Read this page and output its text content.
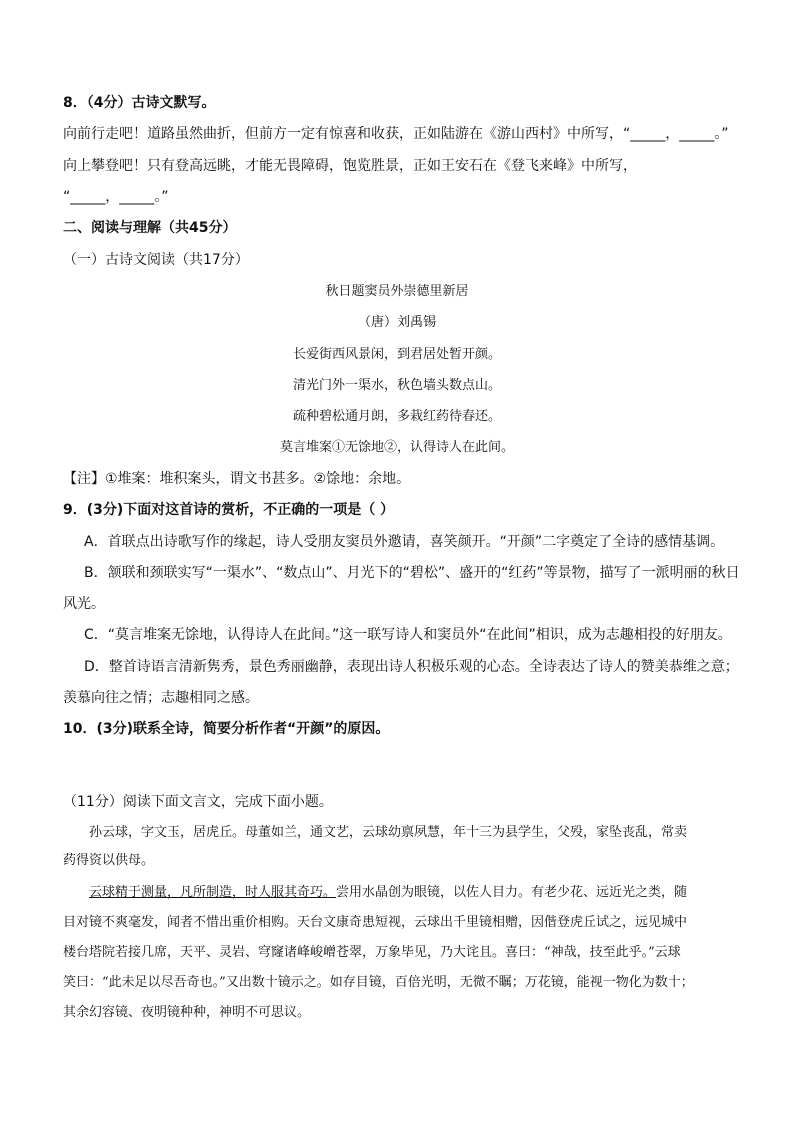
8．（4分）古诗文默写。
向前行走吧！道路虽然曲折，但前方一定有惊喜和收获，正如陆游在《游山西村》中所写，“_____，_____。”
向上攀登吧！只有登高远眺，才能无畏障碍，饱览胜景，正如王安石在《登飞来峰》中所写，
“_____，_____。”
二、阅读与理解（共45分）
（一）古诗文阅读（共17分）
秋日题窦员外崇德里新居
（唐）刘禹锡
长爱街西风景闲，到君居处暂开颜。
清光门外一渠水，秋色墙头数点山。
疏种碧松通月朗，多栽红药待春还。
莫言堆案①无馀地②，认得诗人在此间。
【注】①堆案：堆积案头，谓文书甚多。②馀地：余地。
9．(3分)下面对这首诗的赏析，不正确的一项是（ ）
A．首联点出诗歌写作的缘起，诗人受朋友窦员外邀请，喜笑颜开。“开颜”二字奠定了全诗的感情基调。
B．颔联和颈联实写“一渠水”、“数点山”、月光下的“碧松”、盛开的“红药”等景物，描写了一派明丽的秋日
风光。
C．“莫言堆案无馀地，认得诗人在此间。”这一联写诗人和窦员外“在此间”相识，成为志趣相投的好朋友。
D．整首诗语言清新隽秀，景色秀丽幽静，表现出诗人积极乐观的心态。全诗表达了诗人的赞美恭维之意；
羡慕向往之情；志趣相同之感。
10．(3分)联系全诗，简要分析作者“开颜”的原因。
（11分）阅读下面文言文，完成下面小题。
孙云球，字文玉，居虎丘。母董如兰，通文艺，云球幼禀夙慧，年十三为县学生，父殁，家坠丧乱，常卖
药得资以供母。
云球精于测量，凡所制造，时人服其奇巧。尝用水晶创为眼镜，以佐人目力。有老少花、远近光之类，随
目对镜不爽毫发，闻者不惜出重价相购。天台文康奇患短视，云球出千里镜相赠，因偕登虎丘试之，远见城中
楼台塔院若接几席，天平、灵岩、穹窿诸峰峻嶒苍翠，万象毕见，乃大诧且。喜曰：“神哉，技至此乎。”云球
笑曰：“此未足以尽吾奇也。”又出数十镜示之。如存目镜，百倍光明，无微不瞩；万花镜，能视一物化为数十；
其余幻容镜、夜明镜种种，神明不可思议。
